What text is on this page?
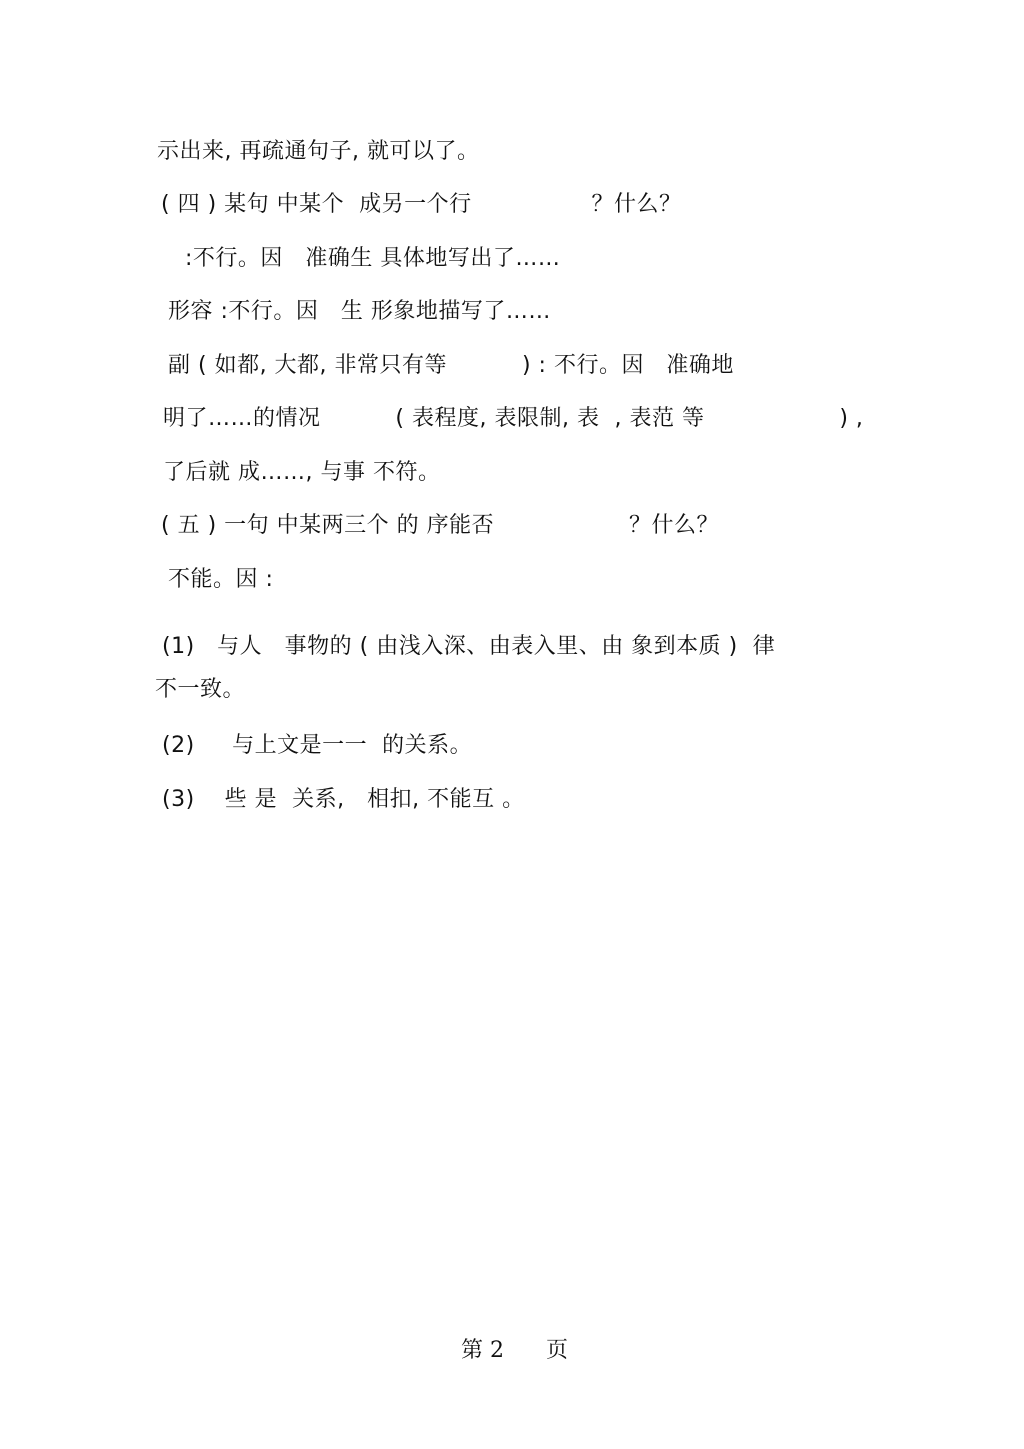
示出来, 再疏通句子, 就可以了。
( 四 ) 某句 中某个  成另一个行                ？什么？
:不行。因   准确生 具体地写出了……
形容 :不行。因   生 形象地描写了……
副 ( 如都, 大都, 非常只有等          ) : 不行。因   准确地
明了……的情况          ( 表程度, 表限制, 表  , 表范 等                  ) ,
了后就 成……, 与事 不符。
( 五 ) 一句 中某两三个 的 序能否                  ？什么？
不能。因 :
(1)   与人   事物的 ( 由浅入深、由表入里、由 象到本质 )  律
不一致。
(2)     与上文是一一  的关系。
(3)    些 是  关系,   相扣, 不能互 。
第 2      页
